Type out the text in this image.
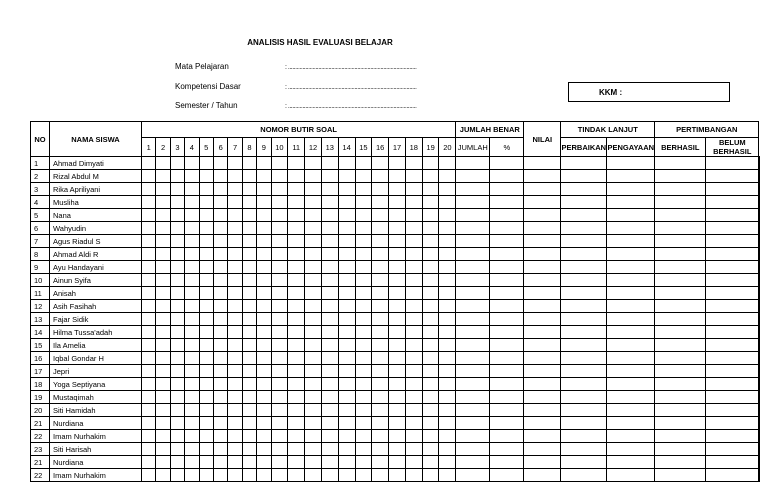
ANALISIS HASIL EVALUASI BELAJAR
Mata Pelajaran	: .........................................................................................
Kompetensi Dasar	: .........................................................................................
Semester / Tahun	: .........................................................................................
KKM :
NO	NAMA SISWA	NOMOR BUTIR SOAL																				JUMLAH BENAR		NILAI	TINDAK LANJUT		PERTIMBANGAN		
		1	2	3	4	5	6	7	8	9	10	11	12	13	14	15	16	17	18	19	20	JUMLAH	%		PERBAIKAN	PENGAYAAN	BERHASIL	BELUM
BERHASIL	

1	Ahmad Dimyati																												
2	Rizal Abdul M																												
3	Rika Apriliyani																												
4	Musliha																												
5	Nana																												
6	Wahyudin																												
7	Agus Riadul S																												
8	Ahmad Aldi R																												
9	Ayu Handayani																												
10	Ainun Syifa																												
11	Anisah																												
12	Asih Fasihah																												
13	Fajar Sidik																												
14	Hilma Tussa'adah																												
15	Ila Amelia																												
16	Iqbal Gondar H																												
17	Jepri																												
18	Yoga Septiyana																												
19	Mustaqimah																												
20	Siti Hamidah																												
21	Nurdiana																												
22	Imam Nurhakim																												
23	Siti Harisah																												
21	Nurdiana																												
22	Imam Nurhakim																												
